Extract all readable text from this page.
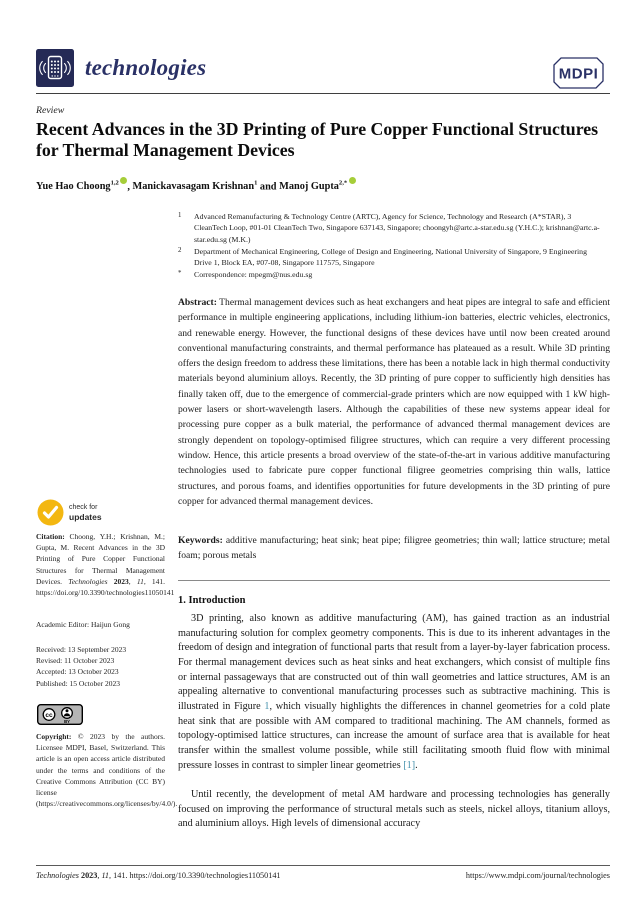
technologies	MDPI
Review
Recent Advances in the 3D Printing of Pure Copper Functional Structures for Thermal Management Devices
Yue Hao Choong$^{1,2}$ , Manickavasagam Krishnan$^1$ and Manoj Gupta$^{2,*}$
1	Advanced Remanufacturing & Technology Centre (ARTC), Agency for Science, Technology and Research (A*STAR), 3 CleanTech Loop, #01-01 CleanTech Two, Singapore 637143, Singapore; choongyh@artc.a-star.edu.sg (Y.H.C.); krishnan@artc.a-star.edu.sg (M.K.)
2	Department of Mechanical Engineering, College of Design and Engineering, National University of Singapore, 9 Engineering Drive 1, Block EA, #07-08, Singapore 117575, Singapore
*	Correspondence: mpegm@nus.edu.sg
Abstract: Thermal management devices such as heat exchangers and heat pipes are integral to safe and efficient performance in multiple engineering applications, including lithium-ion batteries, electric vehicles, electronics, and renewable energy. However, the functional designs of these devices have until now been created around conventional manufacturing constraints, and thermal performance has plateaued as a result. While 3D printing offers the design freedom to address these limitations, there has been a notable lack in high thermal conductivity materials beyond aluminium alloys. Recently, the 3D printing of pure copper to sufficiently high densities has finally taken off, due to the emergence of commercial-grade printers which are now equipped with 1 kW high-power lasers or short-wavelength lasers. Although the capabilities of these new systems appear ideal for processing pure copper as a bulk material, the performance of advanced thermal management devices are strongly dependent on topology-optimised filigree structures, which can require a very different processing window. Hence, this article presents a broad overview of the state-of-the-art in various additive manufacturing technologies used to fabricate pure copper functional filigree geometries comprising thin walls, lattice structures, and porous foams, and identifies opportunities for future developments in the 3D printing of pure copper for advanced thermal management devices.
Keywords: additive manufacturing; heat sink; heat pipe; filigree geometries; thin wall; lattice structure; metal foam; porous metals
1. Introduction
3D printing, also known as additive manufacturing (AM), has gained traction as an industrial manufacturing solution for complex geometry components. This is due to its inherent advantages in the freedom of design and integration of functional parts that result from a layer-by-layer fabrication process. For thermal management devices such as heat sinks and heat exchangers, which consist of multiple fins or internal passageways that are constructed out of thin wall geometries and lattice structures, AM is an appealing alternative to conventional manufacturing processes such as subtractive machining. This is illustrated in Figure 1, which visually highlights the differences in channel geometries for a cold plate heat sink that are possible with AM compared to traditional machining. The AM channels, formed as topology-optimised lattice structures, can increase the amount of surface area that is available for heat transfer within the smallest volume possible, while still facilitating smooth fluid flow with minimal pressure losses in contrast to simpler linear geometries [1].
Until recently, the development of metal AM hardware and processing technologies has generally focused on improving the performance of structural metals such as steels, nickel alloys, titanium alloys, and aluminium alloys. High levels of dimensional accuracy
check for
updates
Citation: Choong, Y.H.; Krishnan, M.; Gupta, M. Recent Advances in the 3D Printing of Pure Copper Functional Structures for Thermal Management Devices. Technologies 2023, 11, 141. https://doi.org/10.3390/technologies11050141
Academic Editor: Haijun Gong
Received: 13 September 2023
Revised: 11 October 2023
Accepted: 13 October 2023
Published: 15 October 2023
cc
BY
Copyright: © 2023 by the authors. Licensee MDPI, Basel, Switzerland. This article is an open access article distributed under the terms and conditions of the Creative Commons Attribution (CC BY) license (https://creativecommons.org/licenses/by/4.0/).
Technologies 2023, 11, 141. https://doi.org/10.3390/technologies11050141	https://www.mdpi.com/journal/technologies
